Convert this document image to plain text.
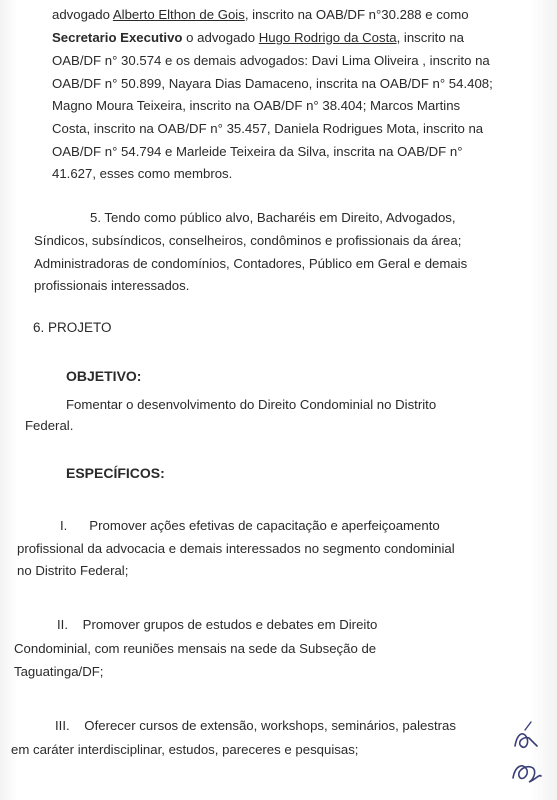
advogado Alberto Elthon de Gois, inscrito na OAB/DF n°30.288 e como
Secretario Executivo o advogado Hugo Rodrigo da Costa, inscrito na
OAB/DF n° 30.574 e os demais advogados: Davi Lima Oliveira , inscrito na
OAB/DF n° 50.899, Nayara Dias Damaceno, inscrita na OAB/DF n° 54.408;
Magno Moura Teixeira, inscrito na OAB/DF n° 38.404; Marcos Martins
Costa, inscrito na OAB/DF n° 35.457, Daniela Rodrigues Mota, inscrito na
OAB/DF n° 54.794 e Marleide Teixeira da Silva, inscrita na OAB/DF n°
41.627, esses como membros.
5. Tendo como público alvo, Bacharéis em Direito, Advogados,
Síndicos, subsíndicos, conselheiros, condôminos e profissionais da área;
Administradoras de condomínios, Contadores, Público em Geral e demais
profissionais interessados.
6. PROJETO
OBJETIVO:
Fomentar o desenvolvimento do Direito Condominial no Distrito
Federal.
ESPECÍFICOS:
I.      Promover ações efetivas de capacitação e aperfeiçoamento
profissional da advocacia e demais interessados no segmento condominial
no Distrito Federal;
II.    Promover grupos de estudos e debates em Direito
Condominial, com reuniões mensais na sede da Subseção de
Taguatinga/DF;
III.    Oferecer cursos de extensão, workshops, seminários, palestras
em caráter interdisciplinar, estudos, pareceres e pesquisas;
